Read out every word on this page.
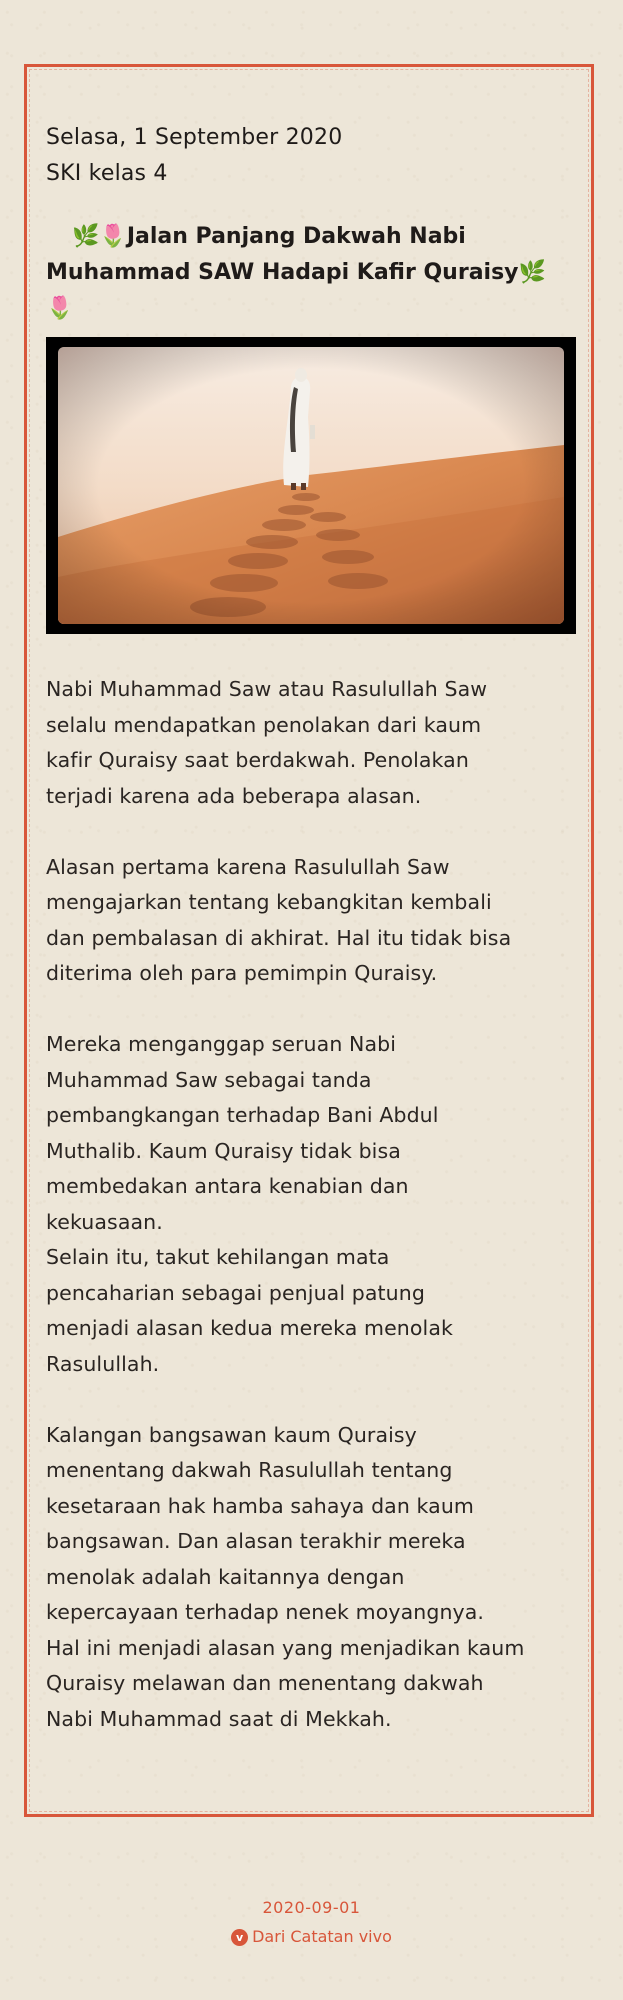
Selasa, 1 September 2020
SKI kelas 4
🌿🌷Jalan Panjang Dakwah Nabi
Muhammad SAW Hadapi Kafir Quraisy🌿 🌷

Nabi Muhammad Saw atau Rasulullah Saw
selalu mendapatkan penolakan dari kaum
kafir Quraisy saat berdakwah. Penolakan
terjadi karena ada beberapa alasan.

Alasan pertama karena Rasulullah Saw
mengajarkan tentang kebangkitan kembali
dan pembalasan di akhirat. Hal itu tidak bisa
diterima oleh para pemimpin Quraisy.

Mereka menganggap seruan Nabi
Muhammad Saw sebagai tanda
pembangkangan terhadap Bani Abdul
Muthalib. Kaum Quraisy tidak bisa
membedakan antara kenabian dan
kekuasaan.
Selain itu, takut kehilangan mata
pencaharian sebagai penjual patung
menjadi alasan kedua mereka menolak
Rasulullah.

Kalangan bangsawan kaum Quraisy
menentang dakwah Rasulullah tentang
kesetaraan hak hamba sahaya dan kaum
bangsawan. Dan alasan terakhir mereka
menolak adalah kaitannya dengan
kepercayaan terhadap nenek moyangnya.
Hal ini menjadi alasan yang menjadikan kaum
Quraisy melawan dan menentang dakwah
Nabi Muhammad saat di Mekkah.

2020-09-01
v Dari Catatan vivo
